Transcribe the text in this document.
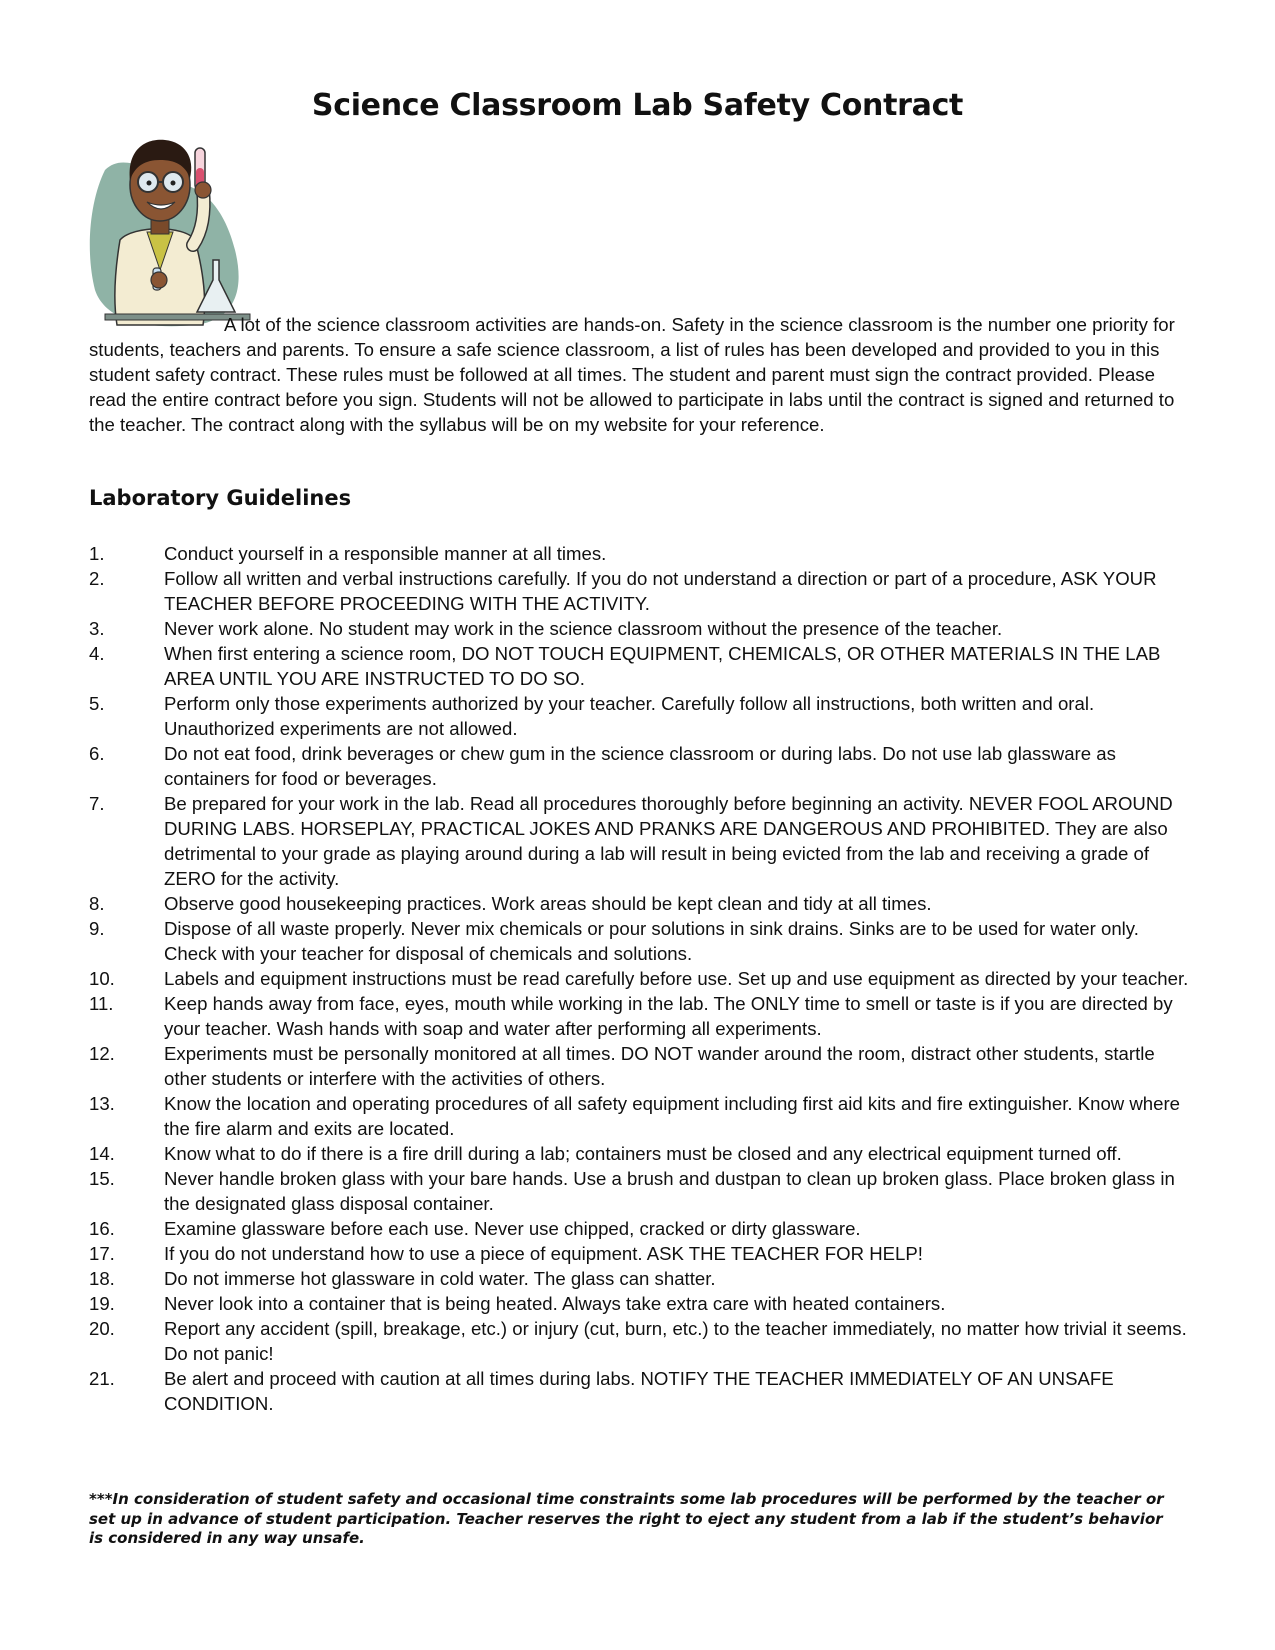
Science Classroom Lab Safety Contract

A lot of the science classroom activities are hands-on. Safety in the science classroom is the number one priority for students, teachers and parents. To ensure a safe science classroom, a list of rules has been developed and provided to you in this student safety contract. These rules must be followed at all times. The student and parent must sign the contract provided. Please read the entire contract before you sign. Students will not be allowed to participate in labs until the contract is signed and returned to the teacher. The contract along with the syllabus will be on my website for your reference.

Laboratory Guidelines
1.	Conduct yourself in a responsible manner at all times.
2.	Follow all written and verbal instructions carefully. If you do not understand a direction or part of a procedure, ASK YOUR TEACHER BEFORE PROCEEDING WITH THE ACTIVITY.
3.	Never work alone. No student may work in the science classroom without the presence of the teacher.
4.	When first entering a science room, DO NOT TOUCH EQUIPMENT, CHEMICALS, OR OTHER MATERIALS IN THE LAB AREA UNTIL YOU ARE INSTRUCTED TO DO SO.
5.	Perform only those experiments authorized by your teacher. Carefully follow all instructions, both written and oral. Unauthorized experiments are not allowed.
6.	Do not eat food, drink beverages or chew gum in the science classroom or during labs. Do not use lab glassware as containers for food or beverages.
7.	Be prepared for your work in the lab. Read all procedures thoroughly before beginning an activity. NEVER FOOL AROUND DURING LABS. HORSEPLAY, PRACTICAL JOKES AND PRANKS ARE DANGEROUS AND PROHIBITED. They are also detrimental to your grade as playing around during a lab will result in being evicted from the lab and receiving a grade of ZERO for the activity.
8.	Observe good housekeeping practices. Work areas should be kept clean and tidy at all times.
9.	Dispose of all waste properly. Never mix chemicals or pour solutions in sink drains. Sinks are to be used for water only. Check with your teacher for disposal of chemicals and solutions.
10.	Labels and equipment instructions must be read carefully before use. Set up and use equipment as directed by your teacher.
11.	Keep hands away from face, eyes, mouth while working in the lab. The ONLY time to smell or taste is if you are directed by your teacher. Wash hands with soap and water after performing all experiments.
12.	Experiments must be personally monitored at all times. DO NOT wander around the room, distract other students, startle other students or interfere with the activities of others.
13.	Know the location and operating procedures of all safety equipment including first aid kits and fire extinguisher. Know where the fire alarm and exits are located.
14.	Know what to do if there is a fire drill during a lab; containers must be closed and any electrical equipment turned off.
15.	Never handle broken glass with your bare hands. Use a brush and dustpan to clean up broken glass. Place broken glass in the designated glass disposal container.
16.	Examine glassware before each use. Never use chipped, cracked or dirty glassware.
17.	If you do not understand how to use a piece of equipment. ASK THE TEACHER FOR HELP!
18.	Do not immerse hot glassware in cold water. The glass can shatter.
19.	Never look into a container that is being heated. Always take extra care with heated containers.
20.	Report any accident (spill, breakage, etc.) or injury (cut, burn, etc.) to the teacher immediately, no matter how trivial it seems. Do not panic!
21.	Be alert and proceed with caution at all times during labs. NOTIFY THE TEACHER IMMEDIATELY OF AN UNSAFE CONDITION.

***In consideration of student safety and occasional time constraints some lab procedures will be performed by the teacher or set up in advance of student participation. Teacher reserves the right to eject any student from a lab if the student’s behavior is considered in any way unsafe.
